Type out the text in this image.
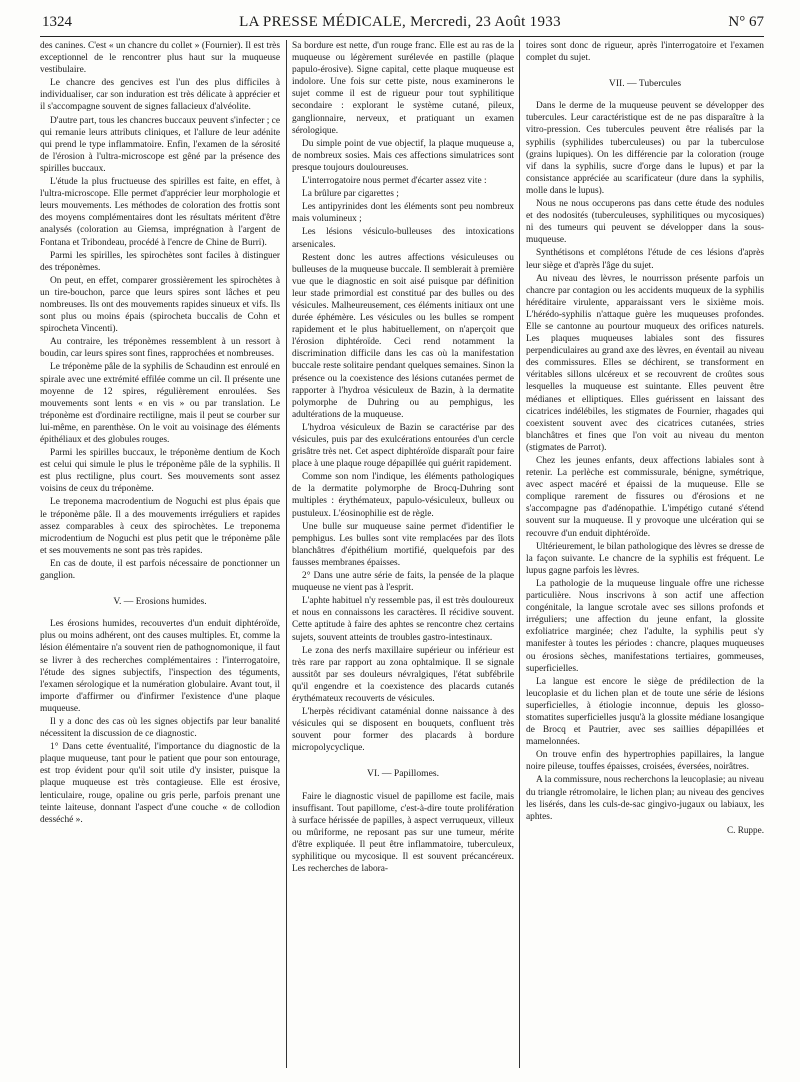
1324	LA PRESSE MÉDICALE, Mercredi, 23 Août 1933	N° 67

des canines. C'est « un chancre du collet » (Fournier). Il est très exceptionnel de le rencontrer plus haut sur la muqueuse vestibulaire.

Le chancre des gencives est l'un des plus difficiles à individualiser, car son induration est très délicate à apprécier et il s'accompagne souvent de signes fallacieux d'alvéolite.

D'autre part, tous les chancres buccaux peuvent s'infecter ; ce qui remanie leurs attributs cliniques, et l'allure de leur adénite qui prend le type inflammatoire. Enfin, l'examen de la sérosité de l'érosion à l'ultra-microscope est gêné par la présence des spirilles buccaux.

L'étude la plus fructueuse des spirilles est faite, en effet, à l'ultra-microscope. Elle permet d'apprécier leur morphologie et leurs mouvements. Les méthodes de coloration des frottis sont des moyens complémentaires dont les résultats méritent d'être analysés (coloration au Giemsa, imprégnation à l'argent de Fontana et Tribondeau, procédé à l'encre de Chine de Burri).

Parmi les spirilles, les spirochètes sont faciles à distinguer des tréponèmes.

On peut, en effet, comparer grossièrement les spirochètes à un tire-bouchon, parce que leurs spires sont lâches et peu nombreuses. Ils ont des mouvements rapides sinueux et vifs. Ils sont plus ou moins épais (spirocheta buccalis de Cohn et spirocheta Vincenti).

Au contraire, les tréponèmes ressemblent à un ressort à boudin, car leurs spires sont fines, rapprochées et nombreuses.

Le tréponème pâle de la syphilis de Schaudinn est enroulé en spirale avec une extrémité effilée comme un cil. Il présente une moyenne de 12 spires, régulièrement enroulées. Ses mouvements sont lents « en vis » ou par translation. Le tréponème est d'ordinaire rectiligne, mais il peut se courber sur lui-même, en parenthèse. On le voit au voisinage des éléments épithéliaux et des globules rouges.

Parmi les spirilles buccaux, le tréponème dentium de Koch est celui qui simule le plus le tréponème pâle de la syphilis. Il est plus rectiligne, plus court. Ses mouvements sont assez voisins de ceux du tréponème.

Le treponema macrodentium de Noguchi est plus épais que le tréponème pâle. Il a des mouvements irréguliers et rapides assez comparables à ceux des spirochètes. Le treponema microdentium de Noguchi est plus petit que le tréponème pâle et ses mouvements ne sont pas très rapides.

En cas de doute, il est parfois nécessaire de ponctionner un ganglion.

V. — Erosions humides.

Les érosions humides, recouvertes d'un enduit diphtéroïde, plus ou moins adhérent, ont des causes multiples. Et, comme la lésion élémentaire n'a souvent rien de pathognomonique, il faut se livrer à des recherches complémentaires : l'interrogatoire, l'étude des signes subjectifs, l'inspection des téguments, l'examen sérologique et la numération globulaire. Avant tout, il importe d'affirmer ou d'infirmer l'existence d'une plaque muqueuse.

Il y a donc des cas où les signes objectifs par leur banalité nécessitent la discussion de ce diagnostic.

1° Dans cette éventualité, l'importance du diagnostic de la plaque muqueuse, tant pour le patient que pour son entourage, est trop évident pour qu'il soit utile d'y insister, puisque la plaque muqueuse est très contagieuse. Elle est érosive, lenticulaire, rouge, opaline ou gris perle, parfois prenant une teinte laiteuse, donnant l'aspect d'une couche « de collodion desséché ».

Sa bordure est nette, d'un rouge franc. Elle est au ras de la muqueuse ou légèrement surélevée en pastille (plaque papulo-érosive). Signe capital, cette plaque muqueuse est indolore. Une fois sur cette piste, nous examinerons le sujet comme il est de rigueur pour tout syphilitique secondaire : explorant le système cutané, pileux, ganglionnaire, nerveux, et pratiquant un examen sérologique.

Du simple point de vue objectif, la plaque muqueuse a, de nombreux sosies. Mais ces affections simulatrices sont presque toujours douloureuses.

L'interrogatoire nous permet d'écarter assez vite :

La brûlure par cigarettes ;

Les antipyrinides dont les éléments sont peu nombreux mais volumineux ;

Les lésions vésiculo-bulleuses des intoxications arsenicales.

Restent donc les autres affections vésiculeuses ou bulleuses de la muqueuse buccale. Il semblerait à première vue que le diagnostic en soit aisé puisque par définition leur stade primordial est constitué par des bulles ou des vésicules. Malheureusement, ces éléments initiaux ont une durée éphémère. Les vésicules ou les bulles se rompent rapidement et le plus habituellement, on n'aperçoit que l'érosion diphtéroïde. Ceci rend notamment la discrimination difficile dans les cas où la manifestation buccale reste solitaire pendant quelques semaines. Sinon la présence ou la coexistence des lésions cutanées permet de rapporter à l'hydroa vésiculeux de Bazin, à la dermatite polymorphe de Duhring ou au pemphigus, les adultérations de la muqueuse.

L'hydroa vésiculeux de Bazin se caractérise par des vésicules, puis par des exulcérations entourées d'un cercle grisâtre très net. Cet aspect diphtéroïde disparaît pour faire place à une plaque rouge dépapillée qui guérit rapidement.

Comme son nom l'indique, les éléments pathologiques de la dermatite polymorphe de Brocq-Duhring sont multiples : érythémateux, papulo-vésiculeux, bulleux ou pustuleux. L'éosinophilie est de règle.

Une bulle sur muqueuse saine permet d'identifier le pemphigus. Les bulles sont vite remplacées par des îlots blanchâtres d'épithélium mortifié, quelquefois par des fausses membranes épaisses.

2° Dans une autre série de faits, la pensée de la plaque muqueuse ne vient pas à l'esprit.

L'aphte habituel n'y ressemble pas, il est très douloureux et nous en connaissons les caractères. Il récidive souvent. Cette aptitude à faire des aphtes se rencontre chez certains sujets, souvent atteints de troubles gastro-intestinaux.

Le zona des nerfs maxillaire supérieur ou inférieur est très rare par rapport au zona ophtalmique. Il se signale aussitôt par ses douleurs névralgiques, l'état subfébrile qu'il engendre et la coexistence des placards cutanés érythémateux recouverts de vésicules.

L'herpès récidivant cataménial donne naissance à des vésicules qui se disposent en bouquets, confluent très souvent pour former des placards à bordure micropolycyclique.

VI. — Papillomes.

Faire le diagnostic visuel de papillome est facile, mais insuffisant. Tout papillome, c'est-à-dire toute prolifération à surface hérissée de papilles, à aspect verruqueux, villeux ou mûriforme, ne reposant pas sur une tumeur, mérite d'être expliquée. Il peut être inflammatoire, tuberculeux, syphilitique ou mycosique. Il est souvent précancéreux. Les recherches de labora-

toires sont donc de rigueur, après l'interrogatoire et l'examen complet du sujet.

VII. — Tubercules

Dans le derme de la muqueuse peuvent se développer des tubercules. Leur caractéristique est de ne pas disparaître à la vitro-pression. Ces tubercules peuvent être réalisés par la syphilis (syphilides tuberculeuses) ou par la tuberculose (grains lupiques). On les différencie par la coloration (rouge vif dans la syphilis, sucre d'orge dans le lupus) et par la consistance appréciée au scarificateur (dure dans la syphilis, molle dans le lupus).

Nous ne nous occuperons pas dans cette étude des nodules et des nodosités (tuberculeuses, syphilitiques ou mycosiques) ni des tumeurs qui peuvent se développer dans la sous-muqueuse.

Synthétisons et complétons l'étude de ces lésions d'après leur siège et d'après l'âge du sujet.

Au niveau des lèvres, le nourrisson présente parfois un chancre par contagion ou les accidents muqueux de la syphilis héréditaire virulente, apparaissant vers le sixième mois. L'hérédo-syphilis n'attaque guère les muqueuses profondes. Elle se cantonne au pourtour muqueux des orifices naturels. Les plaques muqueuses labiales sont des fissures perpendiculaires au grand axe des lèvres, en éventail au niveau des commissures. Elles se déchirent, se transforment en véritables sillons ulcéreux et se recouvrent de croûtes sous lesquelles la muqueuse est suintante. Elles peuvent être médianes et elliptiques. Elles guérissent en laissant des cicatrices indélébiles, les stigmates de Fournier, rhagades qui coexistent souvent avec des cicatrices cutanées, stries blanchâtres et fines que l'on voit au niveau du menton (stigmates de Parrot).

Chez les jeunes enfants, deux affections labiales sont à retenir. La perlèche est commissurale, bénigne, symétrique, avec aspect macéré et épaissi de la muqueuse. Elle se complique rarement de fissures ou d'érosions et ne s'accompagne pas d'adénopathie. L'impétigo cutané s'étend souvent sur la muqueuse. Il y provoque une ulcération qui se recouvre d'un enduit diphtéroïde.

Ultérieurement, le bilan pathologique des lèvres se dresse de la façon suivante. Le chancre de la syphilis est fréquent. Le lupus gagne parfois les lèvres.

La pathologie de la muqueuse linguale offre une richesse particulière. Nous inscrivons à son actif une affection congénitale, la langue scrotale avec ses sillons profonds et irréguliers; une affection du jeune enfant, la glossite exfoliatrice marginée; chez l'adulte, la syphilis peut s'y manifester à toutes les périodes : chancre, plaques muqueuses ou érosions sèches, manifestations tertiaires, gommeuses, superficielles.

La langue est encore le siège de prédilection de la leucoplasie et du lichen plan et de toute une série de lésions superficielles, à étiologie inconnue, depuis les glosso-stomatites superficielles jusqu'à la glossite médiane losangique de Brocq et Pautrier, avec ses saillies dépapillées et mamelonnées.

On trouve enfin des hypertrophies papillaires, la langue noire pileuse, touffes épaisses, croisées, éversées, noirâtres.

A la commissure, nous recherchons la leucoplasie; au niveau du triangle rétromolaire, le lichen plan; au niveau des gencives les lisérés, dans les culs-de-sac gingivo-jugaux ou labiaux, les aphtes.

C. Ruppe.
